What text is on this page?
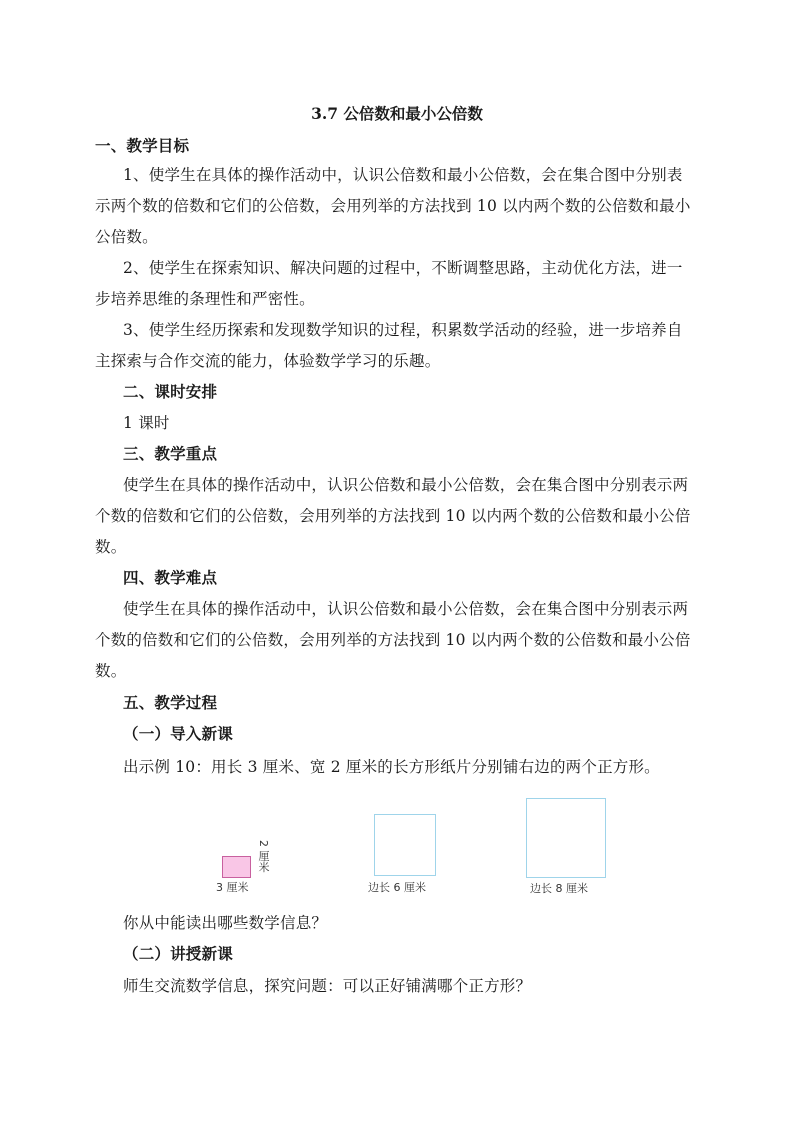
3.7 公倍数和最小公倍数
一、教学目标
1、使学生在具体的操作活动中，认识公倍数和最小公倍数，会在集合图中分别表
示两个数的倍数和它们的公倍数，会用列举的方法找到 10 以内两个数的公倍数和最小
公倍数。
2、使学生在探索知识、解决问题的过程中，不断调整思路，主动优化方法，进一
步培养思维的条理性和严密性。
3、使学生经历探索和发现数学知识的过程，积累数学活动的经验，进一步培养自
主探索与合作交流的能力，体验数学学习的乐趣。
二、课时安排
1 课时
三、教学重点
使学生在具体的操作活动中，认识公倍数和最小公倍数，会在集合图中分别表示两
个数的倍数和它们的公倍数，会用列举的方法找到 10 以内两个数的公倍数和最小公倍
数。
四、教学难点
使学生在具体的操作活动中，认识公倍数和最小公倍数，会在集合图中分别表示两
个数的倍数和它们的公倍数，会用列举的方法找到 10 以内两个数的公倍数和最小公倍
数。
五、教学过程
（一）导入新课
出示例 10：用长 3 厘米、宽 2 厘米的长方形纸片分别铺右边的两个正方形。
3 厘米
2 厘米
边长 6 厘米	边长 8 厘米
你从中能读出哪些数学信息？
（二）讲授新课
师生交流数学信息，探究问题：可以正好铺满哪个正方形？
